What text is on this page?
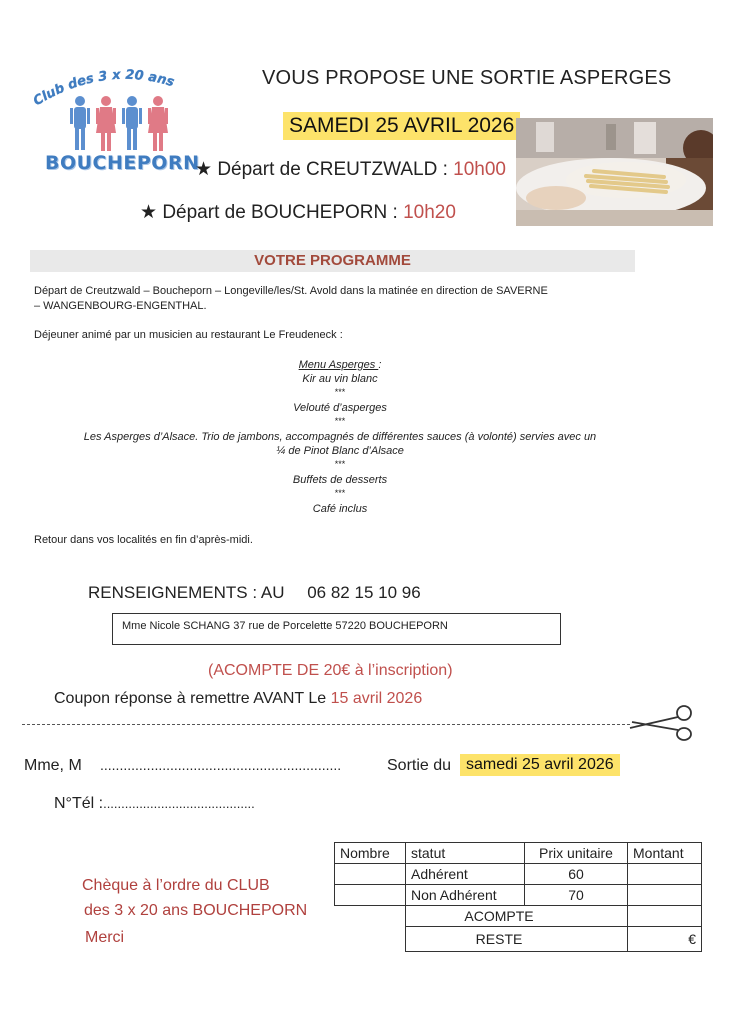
Club des 3 x 20 ans
BOUCHEPORN
VOUS PROPOSE UNE SORTIE ASPERGES
SAMEDI 25 AVRIL 2026
★ Départ de CREUTZWALD : 10h00
★ Départ de BOUCHEPORN : 10h20
VOTRE PROGRAMME
Départ de Creutzwald – Boucheporn – Longeville/les/St. Avold dans la matinée en direction de SAVERNE
– WANGENBOURG-ENGENTHAL.
Déjeuner animé par un musicien au restaurant Le Freudeneck :
Menu Asperges :
Kir au vin blanc
***
Velouté d’asperges
***
Les Asperges d’Alsace. Trio de jambons, accompagnés de différentes sauces (à volonté) servies avec un
¼ de Pinot Blanc d’Alsace
***
Buffets de desserts
***
Café inclus
Retour dans vos localités en fin d’après-midi.
RENSEIGNEMENTS : AU 06 82 15 10 96
Mme Nicole SCHANG 37 rue de Porcelette 57220 BOUCHEPORN
(ACOMPTE DE 20€ à l’inscription)
Coupon réponse à remettre AVANT Le 15 avril 2026
Mme, M ..............................................................	Sortie du samedi 25 avril 2026
N°Tél :..........................................
Chèque à l’ordre du CLUB
des 3 x 20 ans BOUCHEPORN
Merci
Nombre	statut	Prix unitaire	Montant
	Adhérent	60	
	Non Adhérent	70	
	ACOMPTE		
	RESTE		€
